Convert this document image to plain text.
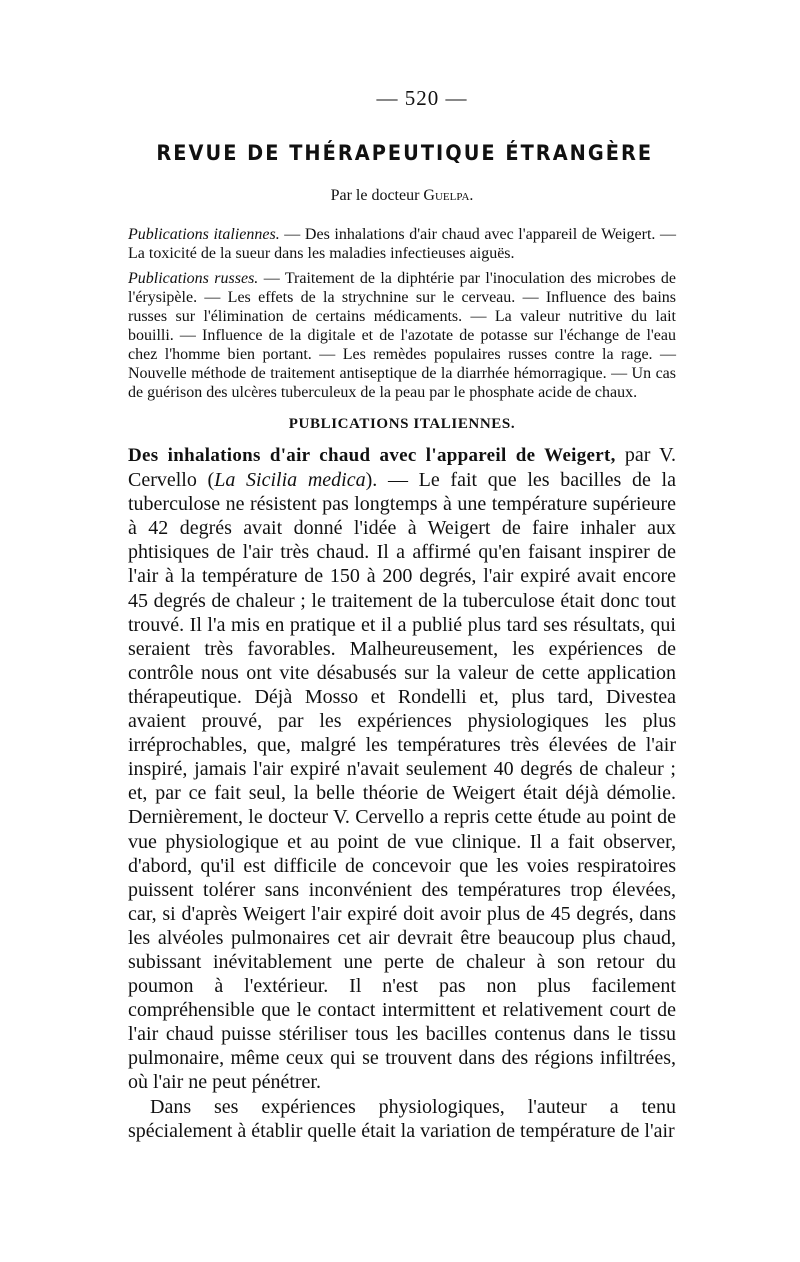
— 520 —
REVUE DE THÉRAPEUTIQUE ÉTRANGÈRE
Par le docteur Guelpa.

Publications italiennes. — Des inhalations d'air chaud avec l'appareil de Weigert. — La toxicité de la sueur dans les maladies infectieuses aiguës.

Publications russes. — Traitement de la diphtérie par l'inoculation des microbes de l'érysipèle. — Les effets de la strychnine sur le cerveau. — Influence des bains russes sur l'élimination de certains médicaments. — La valeur nutritive du lait bouilli. — Influence de la digitale et de l'azotate de potasse sur l'échange de l'eau chez l'homme bien portant. — Les remèdes populaires russes contre la rage. — Nouvelle méthode de traitement antiseptique de la diarrhée hémorragique. — Un cas de guérison des ulcères tuberculeux de la peau par le phosphate acide de chaux.

PUBLICATIONS ITALIENNES.

Des inhalations d'air chaud avec l'appareil de Weigert, par V. Cervello (La Sicilia medica). — Le fait que les bacilles de la tuberculose ne résistent pas longtemps à une température supérieure à 42 degrés avait donné l'idée à Weigert de faire inhaler aux phtisiques de l'air très chaud. Il a affirmé qu'en faisant inspirer de l'air à la température de 150 à 200 degrés, l'air expiré avait encore 45 degrés de chaleur ; le traitement de la tuberculose était donc tout trouvé. Il l'a mis en pratique et il a publié plus tard ses résultats, qui seraient très favorables. Malheureusement, les expériences de contrôle nous ont vite désabusés sur la valeur de cette application thérapeutique. Déjà Mosso et Rondelli et, plus tard, Divestea avaient prouvé, par les expériences physiologiques les plus irréprochables, que, malgré les températures très élevées de l'air inspiré, jamais l'air expiré n'avait seulement 40 degrés de chaleur ; et, par ce fait seul, la belle théorie de Weigert était déjà démolie. Dernièrement, le docteur V. Cervello a repris cette étude au point de vue physiologique et au point de vue clinique. Il a fait observer, d'abord, qu'il est difficile de concevoir que les voies respiratoires puissent tolérer sans inconvénient des températures trop élevées, car, si d'après Weigert l'air expiré doit avoir plus de 45 degrés, dans les alvéoles pulmonaires cet air devrait être beaucoup plus chaud, subissant inévitablement une perte de chaleur à son retour du poumon à l'extérieur. Il n'est pas non plus facilement compréhensible que le contact intermittent et relativement court de l'air chaud puisse stériliser tous les bacilles contenus dans le tissu pulmonaire, même ceux qui se trouvent dans des régions infiltrées, où l'air ne peut pénétrer.

Dans ses expériences physiologiques, l'auteur a tenu spécialement à établir quelle était la variation de température de l'air
